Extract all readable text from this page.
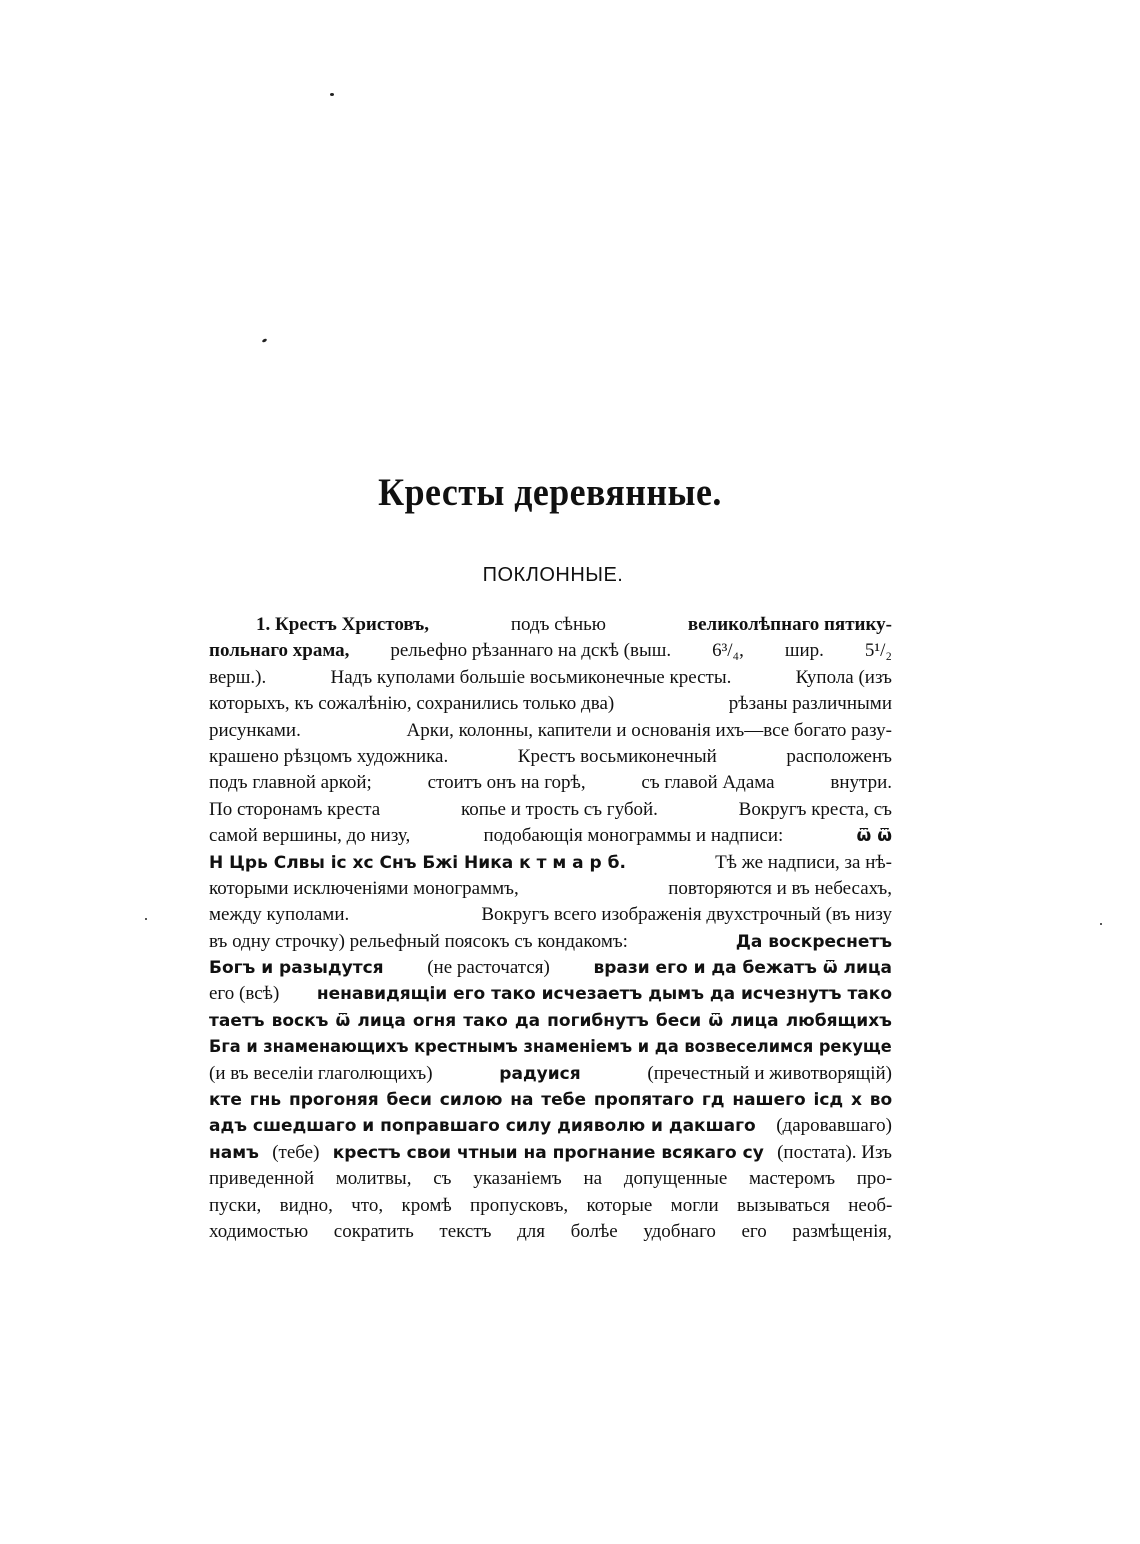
Кресты деревянные.
ПОКЛОННЫЕ.
1. Крестъ Христовъ,	подъ сѣнью	великолѣпнаго пятику-
польнаго храма, рельефно рѣзаннаго на дскѣ (выш. 6³/₄, шир. 5¹/₂
верш.).	Надъ куполами большіе восьмиконечные кресты.	Купола (изъ
которыхъ, къ сожалѣнію, сохранились только два)	рѣзаны различными
рисунками.	Арки, колонны, капители и основанія ихъ—все богато разу-
крашено рѣзцомъ художника.	Крестъ восьмиконечный	расположенъ
подъ главной аркой;	стоитъ онъ на горѣ,	съ главой Адама	внутри.
По сторонамъ креста	копье и трость съ губой.	Вокругъ креста, съ
самой вершины, до низу,	подобающія монограммы и надписи:	ѿ ѿ
Н Црь Слвы іс хс Снъ Бжі Ника к т м а р б.	Тѣ же надписи, за нѣ-
которыми исключеніями монограммъ,	повторяются и въ небесахъ,
между куполами.	Вокругъ всего изображенія двухстрочный (въ низу
въ одну строчку) рельефный поясокъ съ кондакомъ:	Да воскреснетъ
Богъ и разыдутся (не расточатся)	врази его и да бежатъ ѿ лица
его (всѣ) ненавидящіи его тако исчезаетъ дымъ да исчезнутъ тако
таетъ воскъ ѿ лица огня тако да погибнутъ беси ѿ лица любящихъ
Бга и знаменающихъ крестнымъ знаменіемъ и да возвеселимся рекуще
(и въ веселіи глаголющихъ)	радуися	(пречестный и животворящій)
кте гнь прогоняя беси силою на тебе пропятаго гд нашего ісд х во
адъ сшедшаго и поправшаго силу дияволю и дакшаго (даровавшаго)
намъ (тебе) крестъ свои чтныи на прогнание всякаго су (постата). Изъ
приведенной молитвы, съ указаніемъ на допущенные мастеромъ про-
пуски, видно, что, кромѣ пропусковъ, которые могли вызываться необ-
ходимостью сократить текстъ для болѣе удобнаго его размѣщенія,
